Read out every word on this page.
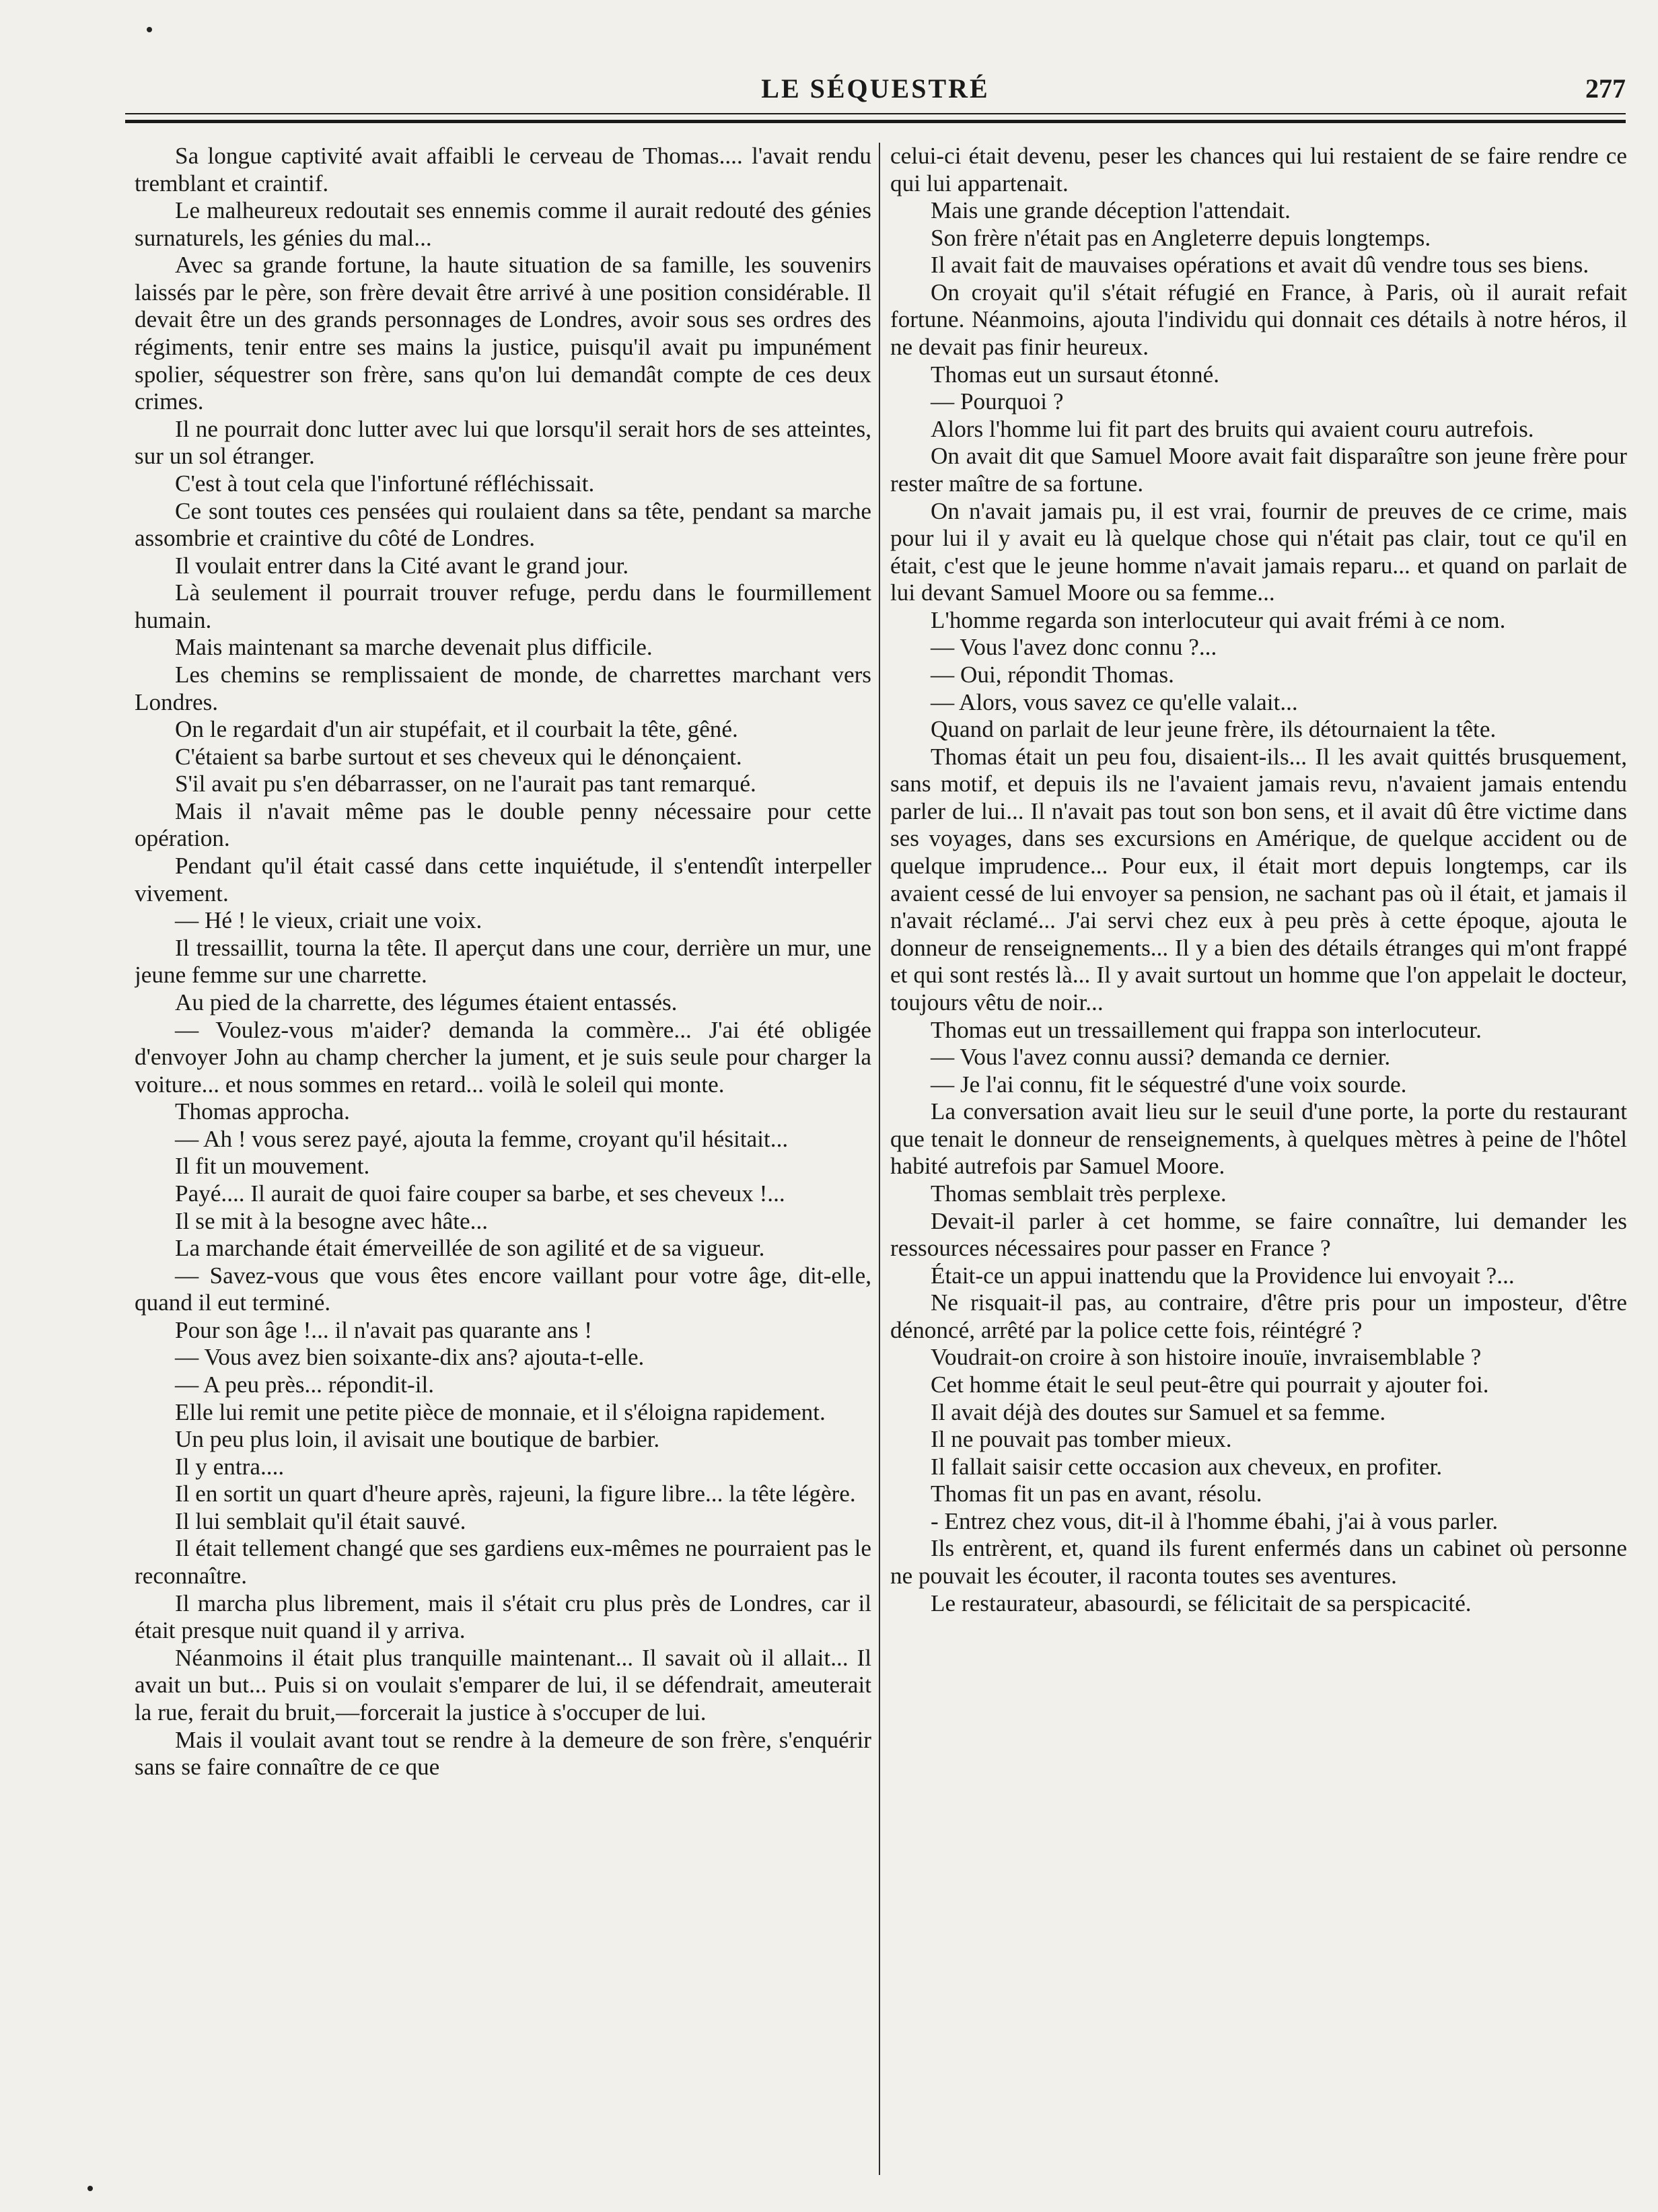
LE SÉQUESTRÉ	277

Sa longue captivité avait affaibli le cerveau de Thomas.... l'avait rendu tremblant et craintif.

Le malheureux redoutait ses ennemis comme il aurait redouté des génies surnaturels, les génies du mal...

Avec sa grande fortune, la haute situation de sa famille, les souvenirs laissés par le père, son frère devait être arrivé à une position considérable. Il devait être un des grands personnages de Londres, avoir sous ses ordres des régiments, tenir entre ses mains la justice, puisqu'il avait pu impunément spolier, séquestrer son frère, sans qu'on lui demandât compte de ces deux crimes.

Il ne pourrait donc lutter avec lui que lorsqu'il serait hors de ses atteintes, sur un sol étranger.

C'est à tout cela que l'infortuné réfléchissait.

Ce sont toutes ces pensées qui roulaient dans sa tête, pendant sa marche assombrie et craintive du côté de Londres.

Il voulait entrer dans la Cité avant le grand jour.

Là seulement il pourrait trouver refuge, perdu dans le fourmillement humain.

Mais maintenant sa marche devenait plus difficile.

Les chemins se remplissaient de monde, de charrettes marchant vers Londres.

On le regardait d'un air stupéfait, et il courbait la tête, gêné.

C'étaient sa barbe surtout et ses cheveux qui le dénonçaient.

S'il avait pu s'en débarrasser, on ne l'aurait pas tant remarqué.

Mais il n'avait même pas le double penny nécessaire pour cette opération.

Pendant qu'il était cassé dans cette inquiétude, il s'entendît interpeller vivement.

— Hé ! le vieux, criait une voix.

Il tressaillit, tourna la tête. Il aperçut dans une cour, derrière un mur, une jeune femme sur une charrette.

Au pied de la charrette, des légumes étaient entassés.

— Voulez-vous m'aider? demanda la commère... J'ai été obligée d'envoyer John au champ chercher la jument, et je suis seule pour charger la voiture... et nous sommes en retard... voilà le soleil qui monte.

Thomas approcha.

— Ah ! vous serez payé, ajouta la femme, croyant qu'il hésitait...

Il fit un mouvement.

Payé.... Il aurait de quoi faire couper sa barbe, et ses cheveux !...

Il se mit à la besogne avec hâte...

La marchande était émerveillée de son agilité et de sa vigueur.

— Savez-vous que vous êtes encore vaillant pour votre âge, dit-elle, quand il eut terminé.

Pour son âge !... il n'avait pas quarante ans !

— Vous avez bien soixante-dix ans? ajouta-t-elle.

— A peu près... répondit-il.

Elle lui remit une petite pièce de monnaie, et il s'éloigna rapidement.

Un peu plus loin, il avisait une boutique de barbier.

Il y entra....

Il en sortit un quart d'heure après, rajeuni, la figure libre... la tête légère.

Il lui semblait qu'il était sauvé.

Il était tellement changé que ses gardiens eux-mêmes ne pourraient pas le reconnaître.

Il marcha plus librement, mais il s'était cru plus près de Londres, car il était presque nuit quand il y arriva.

Néanmoins il était plus tranquille maintenant... Il savait où il allait... Il avait un but... Puis si on voulait s'emparer de lui, il se défendrait, ameuterait la rue, ferait du bruit,—forcerait la justice à s'occuper de lui.

Mais il voulait avant tout se rendre à la demeure de son frère, s'enquérir sans se faire connaître de ce que

celui-ci était devenu, peser les chances qui lui restaient de se faire rendre ce qui lui appartenait.

Mais une grande déception l'attendait.

Son frère n'était pas en Angleterre depuis longtemps.

Il avait fait de mauvaises opérations et avait dû vendre tous ses biens.

On croyait qu'il s'était réfugié en France, à Paris, où il aurait refait fortune. Néanmoins, ajouta l'individu qui donnait ces détails à notre héros, il ne devait pas finir heureux.

Thomas eut un sursaut étonné.

— Pourquoi ?

Alors l'homme lui fit part des bruits qui avaient couru autrefois.

On avait dit que Samuel Moore avait fait disparaître son jeune frère pour rester maître de sa fortune.

On n'avait jamais pu, il est vrai, fournir de preuves de ce crime, mais pour lui il y avait eu là quelque chose qui n'était pas clair, tout ce qu'il en était, c'est que le jeune homme n'avait jamais reparu... et quand on parlait de lui devant Samuel Moore ou sa femme...

L'homme regarda son interlocuteur qui avait frémi à ce nom.

— Vous l'avez donc connu ?...

— Oui, répondit Thomas.

— Alors, vous savez ce qu'elle valait...

Quand on parlait de leur jeune frère, ils détournaient la tête.

Thomas était un peu fou, disaient-ils... Il les avait quittés brusquement, sans motif, et depuis ils ne l'avaient jamais revu, n'avaient jamais entendu parler de lui... Il n'avait pas tout son bon sens, et il avait dû être victime dans ses voyages, dans ses excursions en Amérique, de quelque accident ou de quelque imprudence... Pour eux, il était mort depuis longtemps, car ils avaient cessé de lui envoyer sa pension, ne sachant pas où il était, et jamais il n'avait réclamé... J'ai servi chez eux à peu près à cette époque, ajouta le donneur de renseignements... Il y a bien des détails étranges qui m'ont frappé et qui sont restés là... Il y avait surtout un homme que l'on appelait le docteur, toujours vêtu de noir...

Thomas eut un tressaillement qui frappa son interlocuteur.

— Vous l'avez connu aussi? demanda ce dernier.

— Je l'ai connu, fit le séquestré d'une voix sourde.

La conversation avait lieu sur le seuil d'une porte, la porte du restaurant que tenait le donneur de renseignements, à quelques mètres à peine de l'hôtel habité autrefois par Samuel Moore.

Thomas semblait très perplexe.

Devait-il parler à cet homme, se faire connaître, lui demander les ressources nécessaires pour passer en France ?

Était-ce un appui inattendu que la Providence lui envoyait ?...

Ne risquait-il pas, au contraire, d'être pris pour un imposteur, d'être dénoncé, arrêté par la police cette fois, réintégré ?

Voudrait-on croire à son histoire inouïe, invraisemblable ?

Cet homme était le seul peut-être qui pourrait y ajouter foi.

Il avait déjà des doutes sur Samuel et sa femme.

Il ne pouvait pas tomber mieux.

Il fallait saisir cette occasion aux cheveux, en profiter.

Thomas fit un pas en avant, résolu.

- Entrez chez vous, dit-il à l'homme ébahi, j'ai à vous parler.

Ils entrèrent, et, quand ils furent enfermés dans un cabinet où personne ne pouvait les écouter, il raconta toutes ses aventures.

Le restaurateur, abasourdi, se félicitait de sa perspicacité.
